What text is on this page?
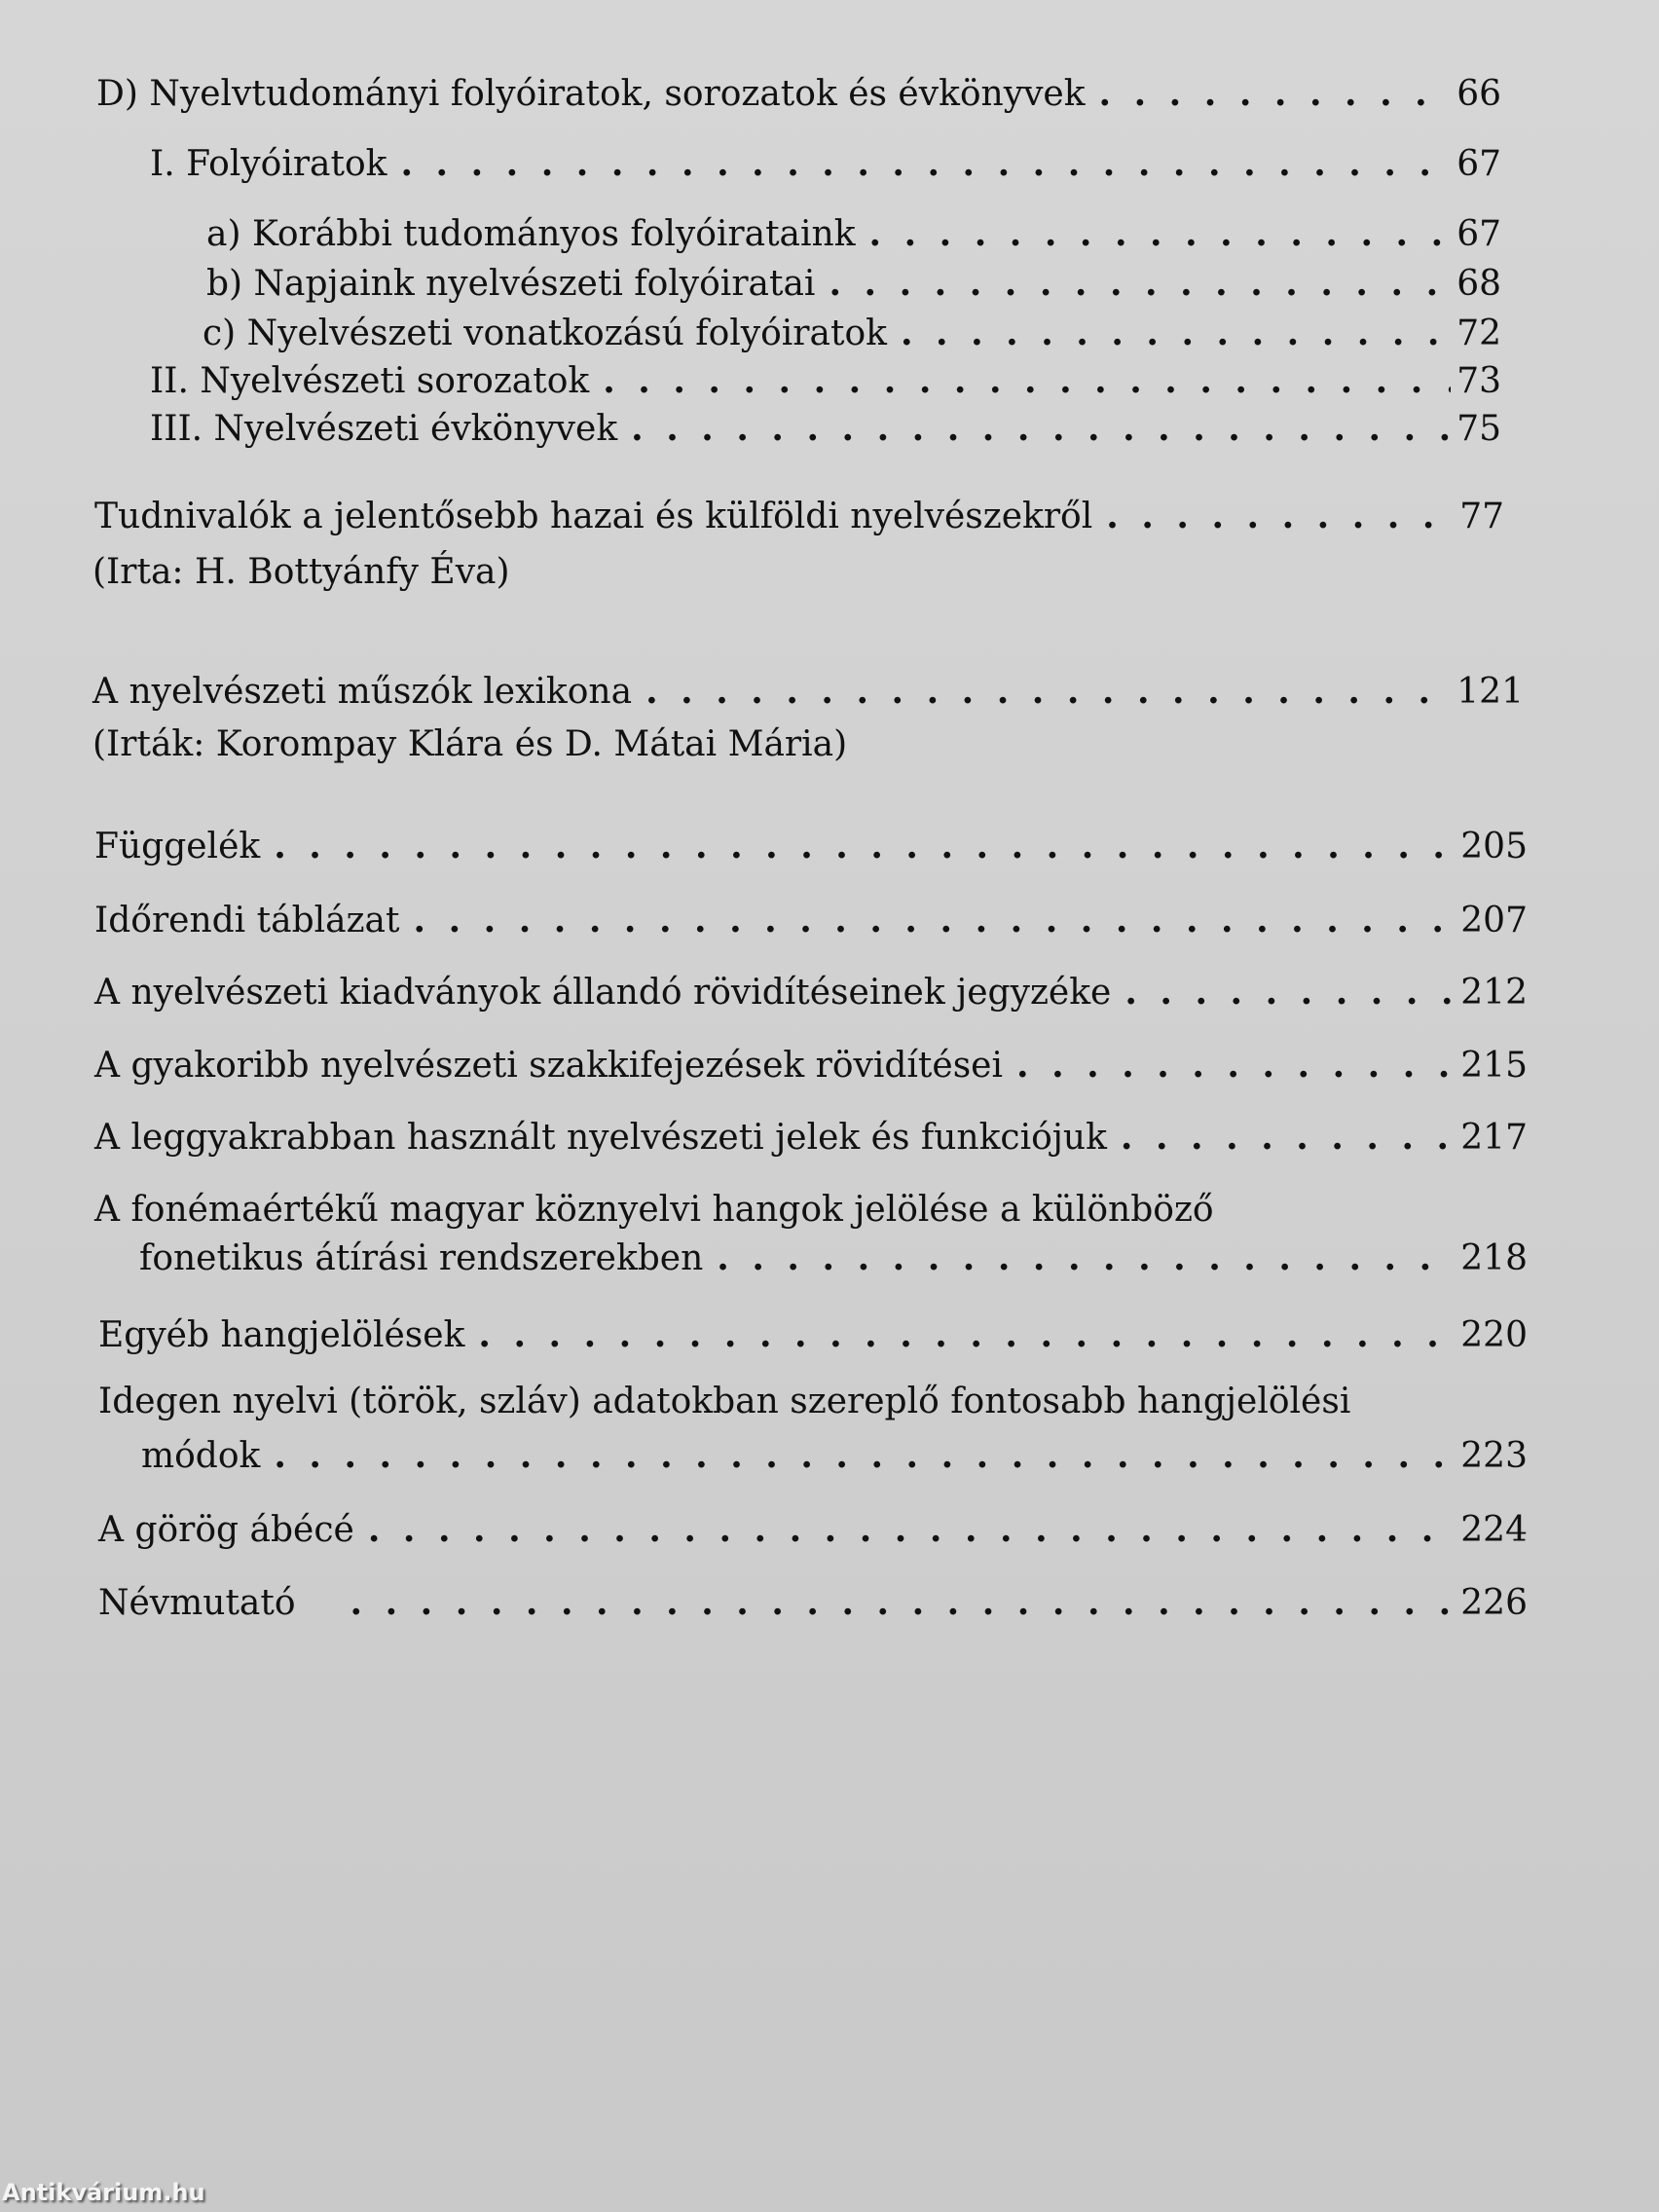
D) Nyelvtudományi folyóiratok, sorozatok és évkönyvek . . .	66
I. Folyóiratok . . .	67
a) Korábbi tudományos folyóirataink . . .	67
b) Napjaink nyelvészeti folyóiratai . . .	68
c) Nyelvészeti vonatkozású folyóiratok . . .	72
II. Nyelvészeti sorozatok . . .	73
III. Nyelvészeti évkönyvek . . .	75
Tudnivalók a jelentősebb hazai és külföldi nyelvészekről . . .	77
(Irta: H. Bottyánfy Éva)
A nyelvészeti műszók lexikona . . .	121
(Irták: Korompay Klára és D. Mátai Mária)
Függelék . . .	205
Időrendi táblázat . . .	207
A nyelvészeti kiadványok állandó rövidítéseinek jegyzéke . . .	212
A gyakoribb nyelvészeti szakkifejezések rövidítései . . .	215
A leggyakrabban használt nyelvészeti jelek és funkciójuk . . .	217
A fonémaértékű magyar köznyelvi hangok jelölése a különböző
fonetikus átírási rendszerekben . . .	218
Egyéb hangjelölések . . .	220
Idegen nyelvi (török, szláv) adatokban szereplő fontosabb hangjelölési
módok . . .	223
A görög ábécé . . .	224
Névmutató . . .	226
Antikvárium.hu
